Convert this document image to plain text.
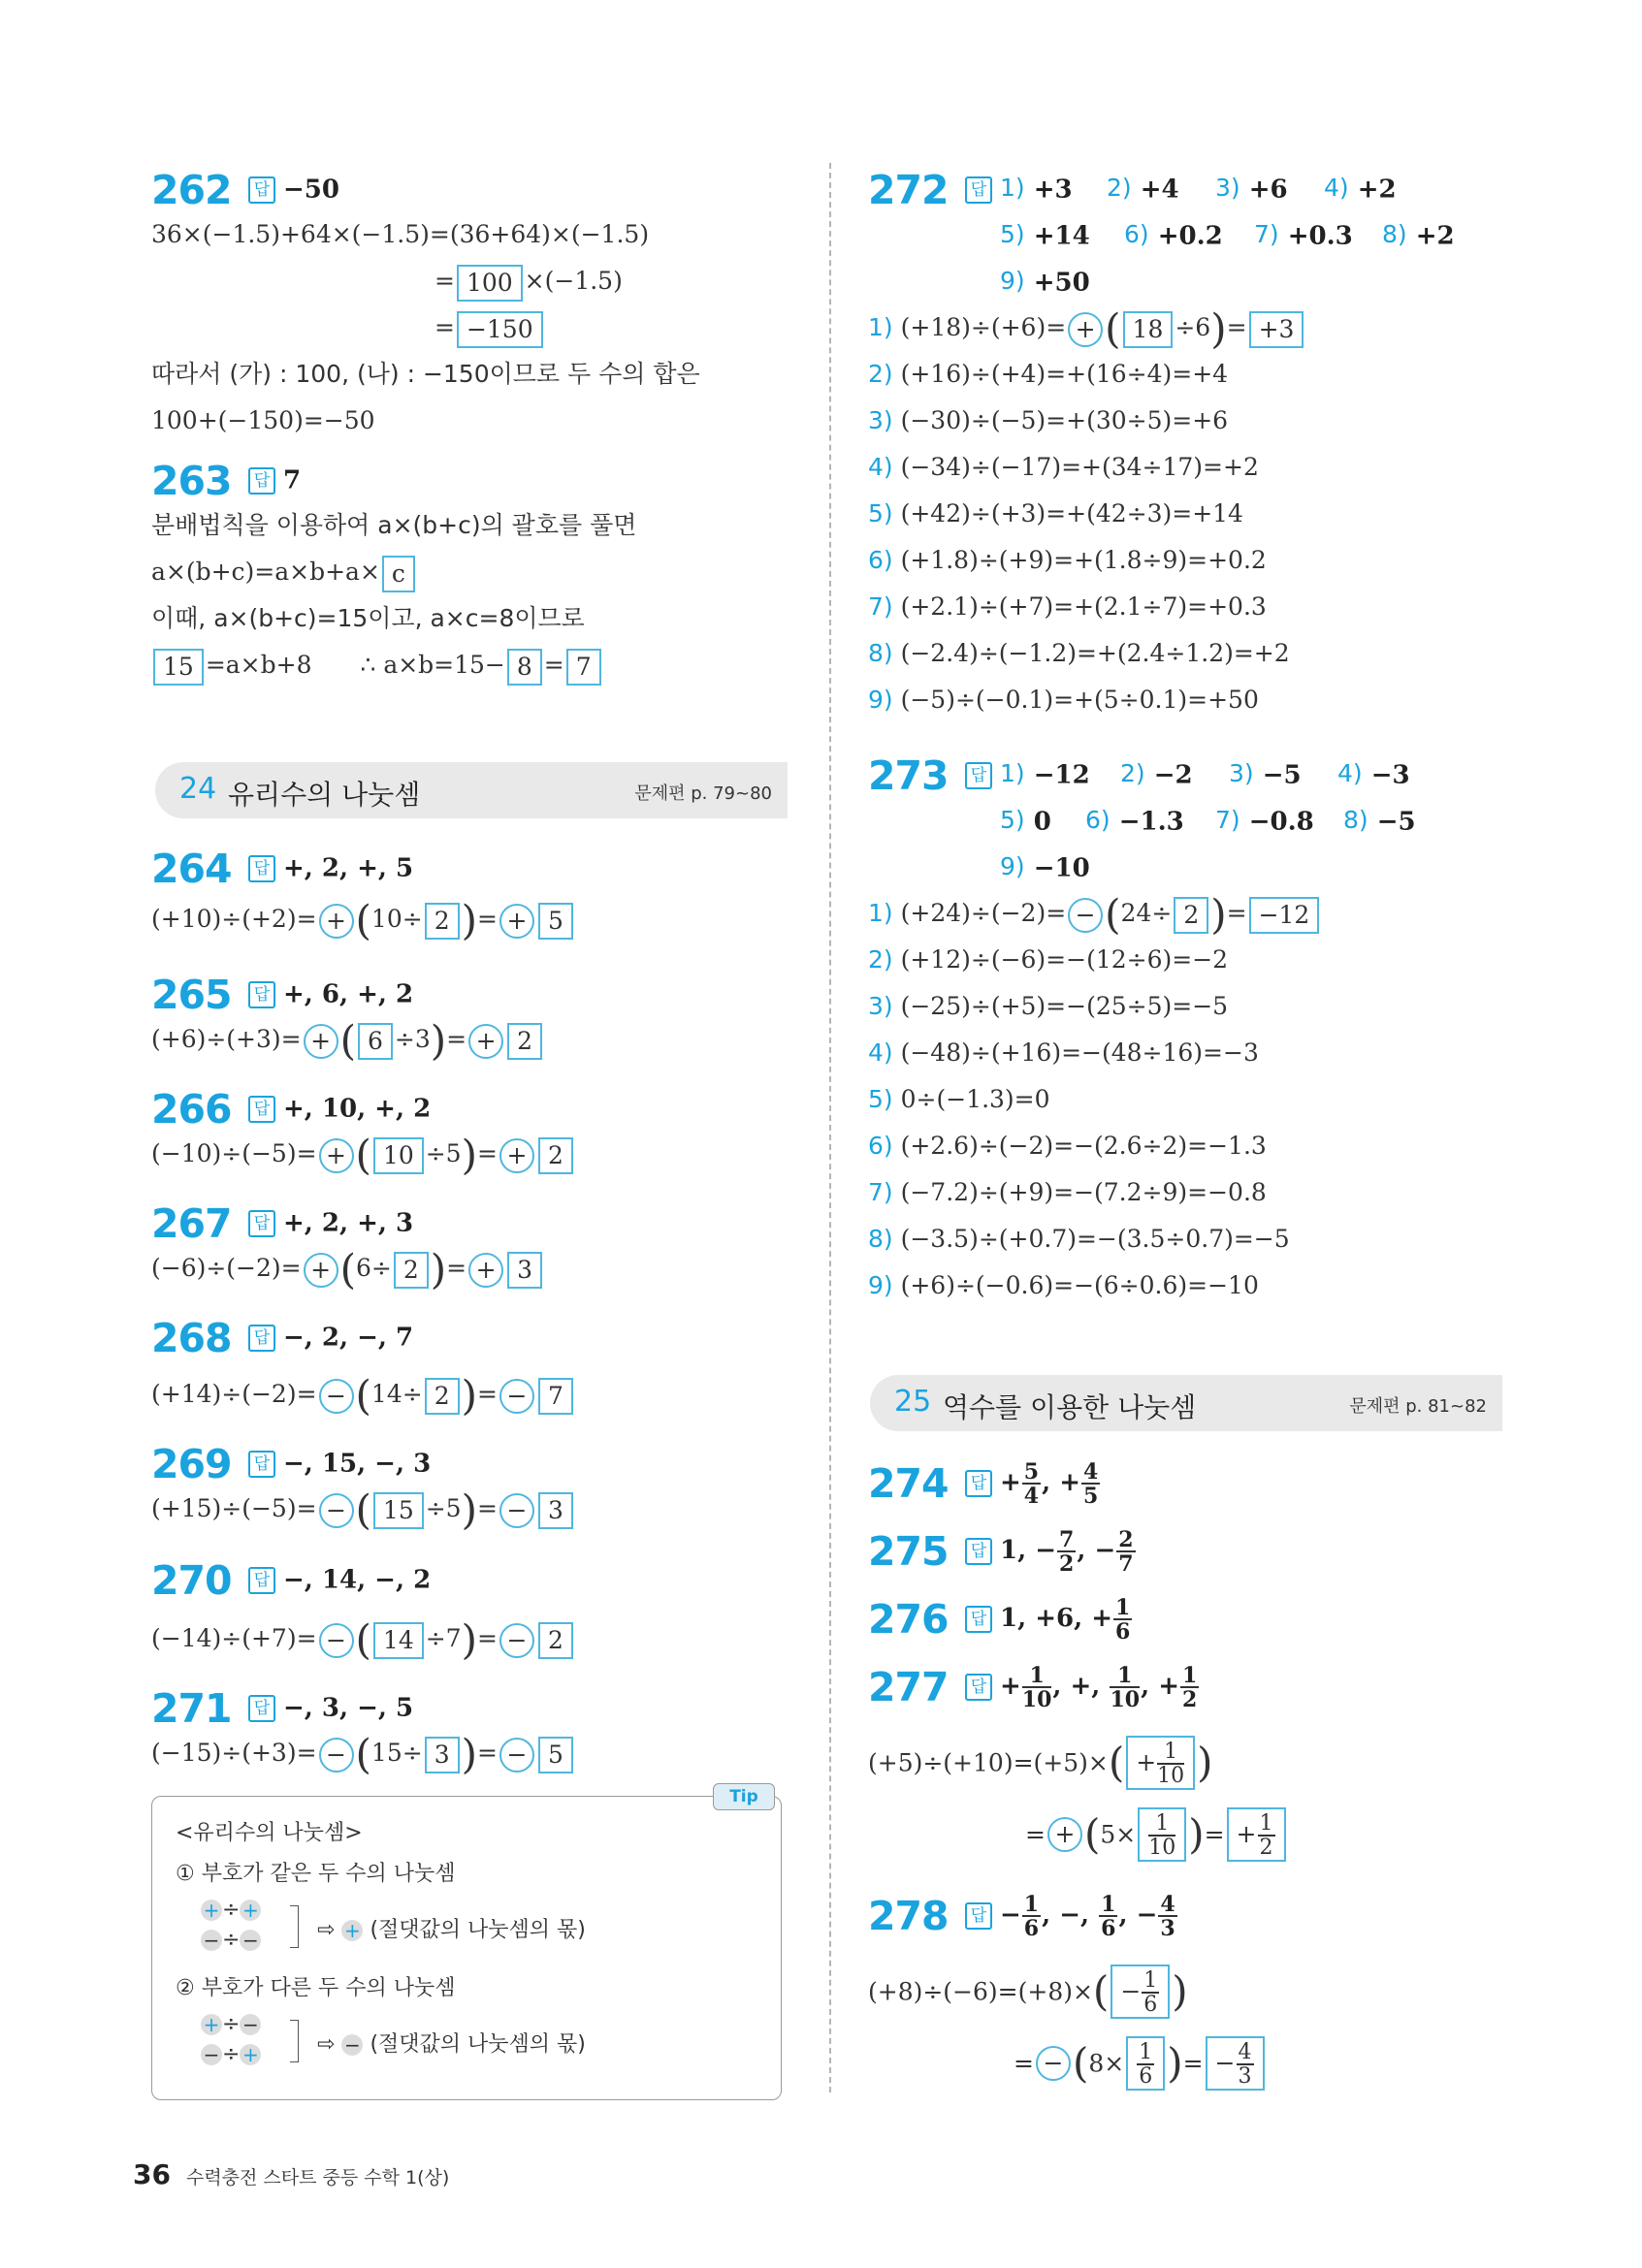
262 답 −50
36×(−1.5)+64×(−1.5)=(36+64)×(−1.5)
= 100 ×(−1.5)
= −150
따라서 (가) : 100, (나) : −150이므로 두 수의 합은
100+(−150)=−50
263 답 7
분배법칙을 이용하여 a×(b+c)의 괄호를 풀면
a×(b+c)=a×b+a× c
이때, a×(b+c)=15이고, a×c=8이므로
15 =a×b+8 ∴ a×b=15− 8 = 7
24 유리수의 나눗셈	문제편 p. 79~80
264 답 +, 2, +, 5
(+10)÷(+2)= + (10÷ 2 )= + 5
265 답 +, 6, +, 2
(+6)÷(+3)= + ( 6 ÷3)= + 2
266 답 +, 10, +, 2
(−10)÷(−5)= + ( 10 ÷5)= + 2
267 답 +, 2, +, 3
(−6)÷(−2)= + (6÷ 2 )= + 3
268 답 −, 2, −, 7
(+14)÷(−2)= − (14÷ 2 )= − 7
269 답 −, 15, −, 3
(+15)÷(−5)= − ( 15 ÷5)= − 3
270 답 −, 14, −, 2
(−14)÷(+7)= − ( 14 ÷7)= − 2
271 답 −, 3, −, 5
(−15)÷(+3)= − (15÷ 3 )= − 5
Tip
<유리수의 나눗셈>
① 부호가 같은 두 수의 나눗셈
+ ÷ +
− ÷ −	⇨ + (절댓값의 나눗셈의 몫)
② 부호가 다른 두 수의 나눗셈
+ ÷ −
− ÷ +	⇨ − (절댓값의 나눗셈의 몫)
272 답 1) +3 2) +4 3) +6 4) +2
5) +14 6) +0.2 7) +0.3 8) +2
9) +50
1) (+18)÷(+6)= + ( 18 ÷6)= +3
2) (+16)÷(+4)=+(16÷4)=+4
3) (−30)÷(−5)=+(30÷5)=+6
4) (−34)÷(−17)=+(34÷17)=+2
5) (+42)÷(+3)=+(42÷3)=+14
6) (+1.8)÷(+9)=+(1.8÷9)=+0.2
7) (+2.1)÷(+7)=+(2.1÷7)=+0.3
8) (−2.4)÷(−1.2)=+(2.4÷1.2)=+2
9) (−5)÷(−0.1)=+(5÷0.1)=+50
273 답 1) −12 2) −2 3) −5 4) −3
5) 0 6) −1.3 7) −0.8 8) −5
9) −10
1) (+24)÷(−2)= − (24÷ 2 )= −12
2) (+12)÷(−6)=−(12÷6)=−2
3) (−25)÷(+5)=−(25÷5)=−5
4) (−48)÷(+16)=−(48÷16)=−3
5) 0÷(−1.3)=0
6) (+2.6)÷(−2)=−(2.6÷2)=−1.3
7) (−7.2)÷(+9)=−(7.2÷9)=−0.8
8) (−3.5)÷(+0.7)=−(3.5÷0.7)=−5
9) (+6)÷(−0.6)=−(6÷0.6)=−10
25 역수를 이용한 나눗셈	문제편 p. 81~82
274 답 + $\frac{5}{4}$ , + $\frac{4}{5}$
275 답 1, − $\frac{7}{2}$ , − $\frac{2}{7}$
276 답 1, +6, + $\frac{1}{6}$
277 답 + $\frac{1}{10}$ , +, $\frac{1}{10}$ , + $\frac{1}{2}$
$(+5)\div(+10)=(+5)\times( + \frac{1}{10}$ )
= + ($5\times \frac{1}{10}$ )= + $\frac{1}{2}$
278 답 − $\frac{1}{6}$ , −, $\frac{1}{6}$ , − $\frac{4}{3}$
$(+8)\div(-6)=(+8)\times( - \frac{1}{6}$ )
= − ($8\times \frac{1}{6}$ )= − $\frac{4}{3}$
36 수력충전 스타트 중등 수학 1(상)
